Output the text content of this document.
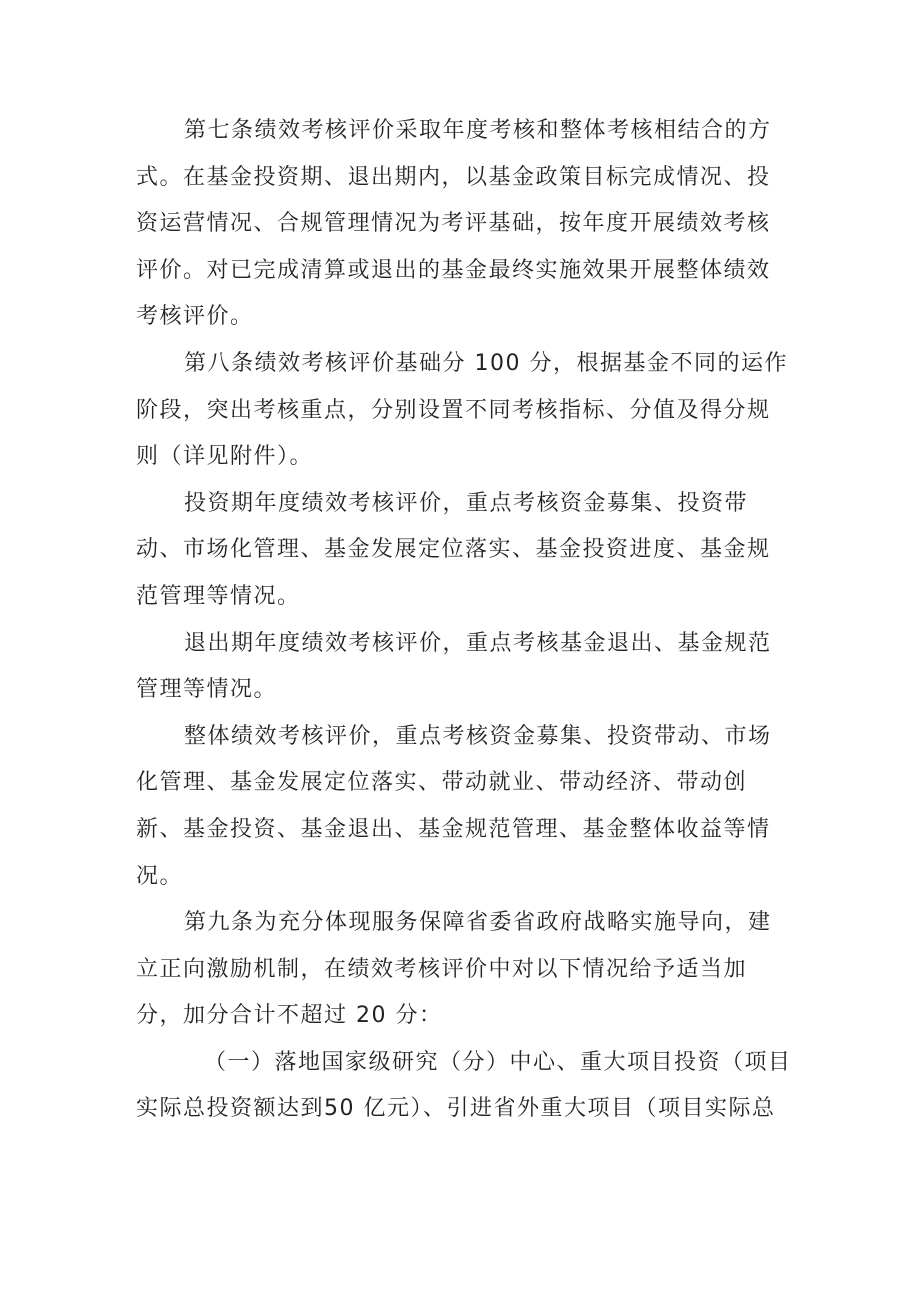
第七条绩效考核评价采取年度考核和整体考核相结合的方
式。在基金投资期、退出期内，以基金政策目标完成情况、投
资运营情况、合规管理情况为考评基础，按年度开展绩效考核
评价。对已完成清算或退出的基金最终实施效果开展整体绩效
考核评价。
第八条绩效考核评价基础分 100 分，根据基金不同的运作
阶段，突出考核重点，分别设置不同考核指标、分值及得分规
则（详见附件）。
投资期年度绩效考核评价，重点考核资金募集、投资带
动、市场化管理、基金发展定位落实、基金投资进度、基金规
范管理等情况。
退出期年度绩效考核评价，重点考核基金退出、基金规范
管理等情况。
整体绩效考核评价，重点考核资金募集、投资带动、市场
化管理、基金发展定位落实、带动就业、带动经济、带动创
新、基金投资、基金退出、基金规范管理、基金整体收益等情
况。
第九条为充分体现服务保障省委省政府战略实施导向，建
立正向激励机制，在绩效考核评价中对以下情况给予适当加
分，加分合计不超过 20 分：
（一）落地国家级研究（分）中心、重大项目投资（项目
实际总投资额达到50 亿元）、引进省外重大项目（项目实际总
